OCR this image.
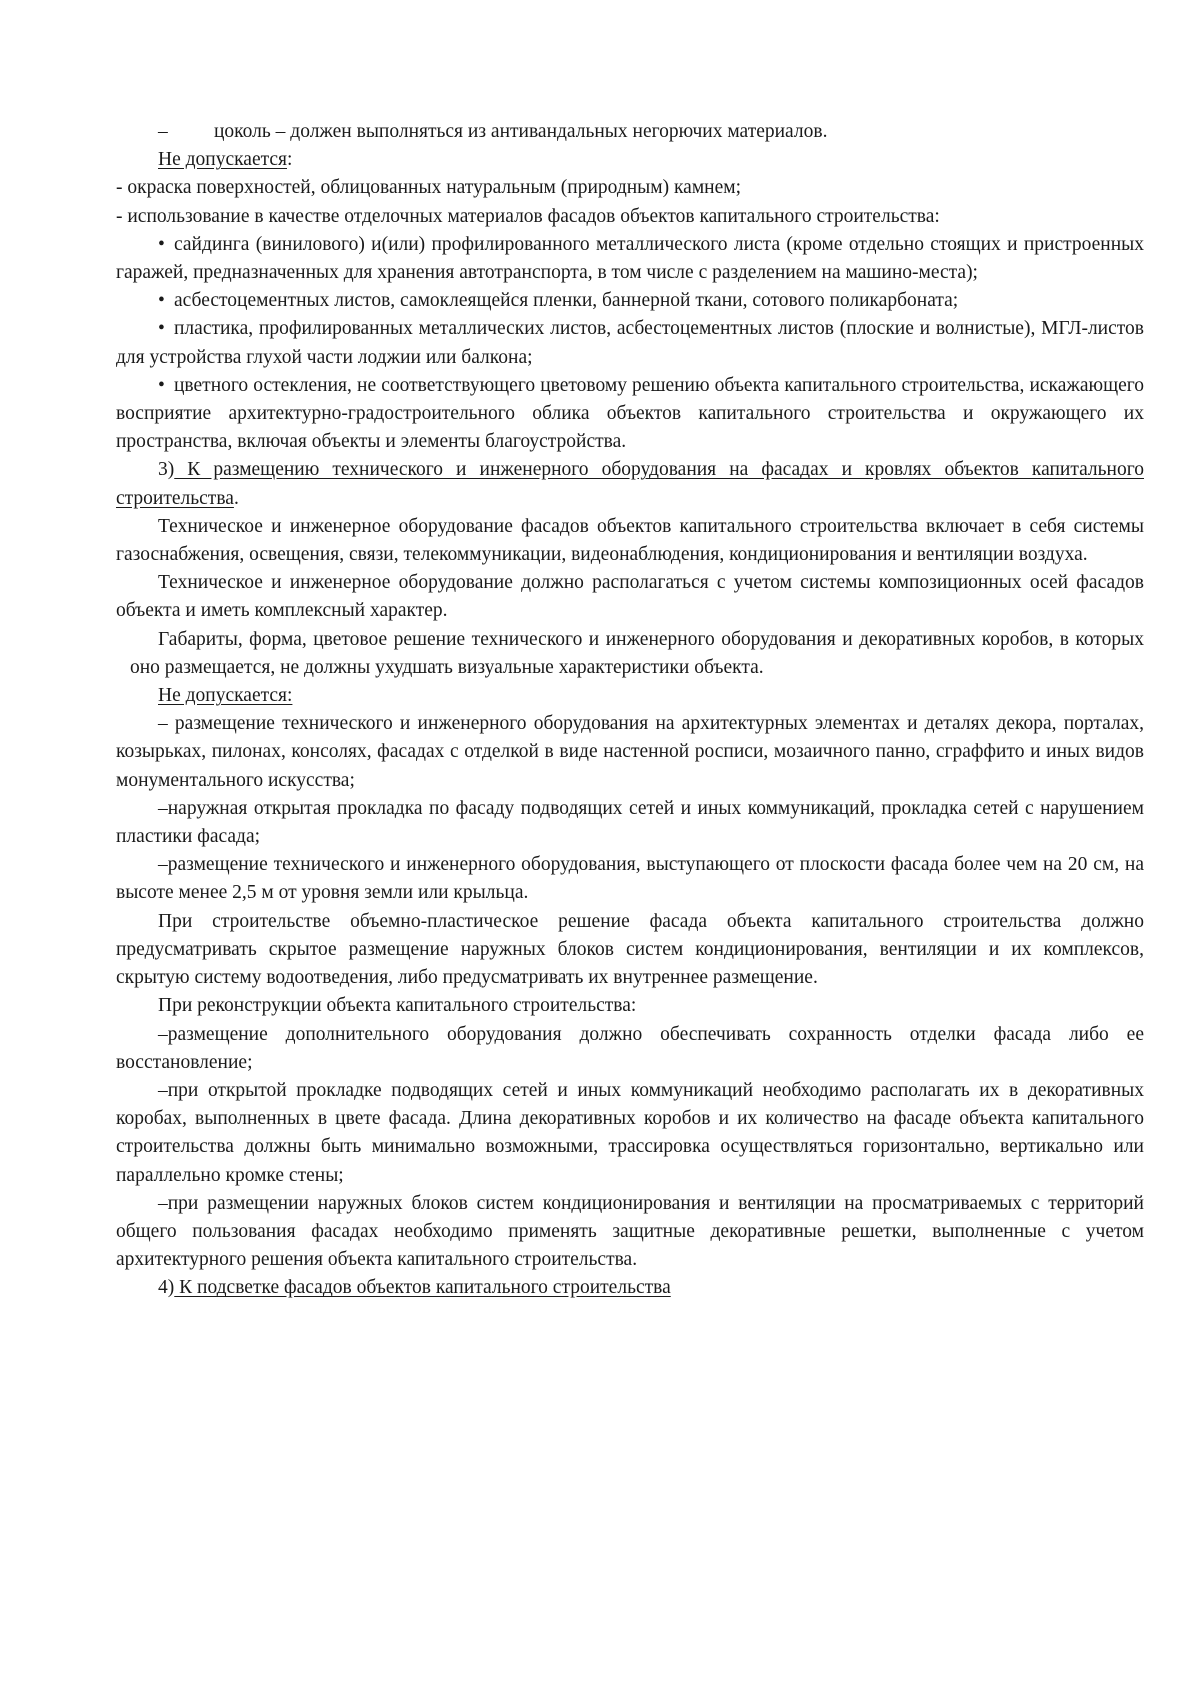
–	цоколь – должен выполняться из антивандальных негорючих материалов.

Не допускается:

- окраска поверхностей, облицованных натуральным (природным) камнем;

- использование в качестве отделочных материалов фасадов объектов капитального строительства:

• сайдинга (винилового) и(или) профилированного металлического листа (кроме отдельно стоящих и пристроенных гаражей, предназначенных для хранения автотранспорта, в том числе с разделением на машино-места);

• асбестоцементных листов, самоклеящейся пленки, баннерной ткани, сотового поликарбоната;

• пластика, профилированных металлических листов, асбестоцементных листов (плоские и волнистые), МГЛ-листов для устройства глухой части лоджии или балкона;

• цветного остекления, не соответствующего цветовому решению объекта капитального строительства, искажающего восприятие архитектурно-градостроительного облика объектов капитального строительства и окружающего их пространства, включая объекты и элементы благоустройства.

3) К размещению технического и инженерного оборудования на фасадах и кровлях объектов капитального строительства.

Техническое и инженерное оборудование фасадов объектов капитального строительства включает в себя системы газоснабжения, освещения, связи, телекоммуникации, видеонаблюдения, кондиционирования и вентиляции воздуха.

Техническое и инженерное оборудование должно располагаться с учетом системы композиционных осей фасадов объекта и иметь комплексный характер.

Габариты, форма, цветовое решение технического и инженерного оборудования и декоративных коробов, в которых оно размещается, не должны ухудшать визуальные характеристики объекта.

Не допускается:

– размещение технического и инженерного оборудования на архитектурных элементах и деталях декора, порталах, козырьках, пилонах, консолях, фасадах с отделкой в виде настенной росписи, мозаичного панно, сграффито и иных видов монументального искусства;

–наружная открытая прокладка по фасаду подводящих сетей и иных коммуникаций, прокладка сетей с нарушением пластики фасада;

–размещение технического и инженерного оборудования, выступающего от плоскости фасада более чем на 20 см, на высоте менее 2,5 м от уровня земли или крыльца.

При строительстве объемно-пластическое решение фасада объекта капитального строительства должно предусматривать скрытое размещение наружных блоков систем кондиционирования, вентиляции и их комплексов, скрытую систему водоотведения, либо предусматривать их внутреннее размещение.

При реконструкции объекта капитального строительства:

–размещение дополнительного оборудования должно обеспечивать сохранность отделки фасада либо ее восстановление;

–при открытой прокладке подводящих сетей и иных коммуникаций необходимо располагать их в декоративных коробах, выполненных в цвете фасада. Длина декоративных коробов и их количество на фасаде объекта капитального строительства должны быть минимально возможными, трассировка осуществляться горизонтально, вертикально или параллельно кромке стены;

–при размещении наружных блоков систем кондиционирования и вентиляции на просматриваемых с территорий общего пользования фасадах необходимо применять защитные декоративные решетки, выполненные с учетом архитектурного решения объекта капитального строительства.

4) К подсветке фасадов объектов капитального строительства
